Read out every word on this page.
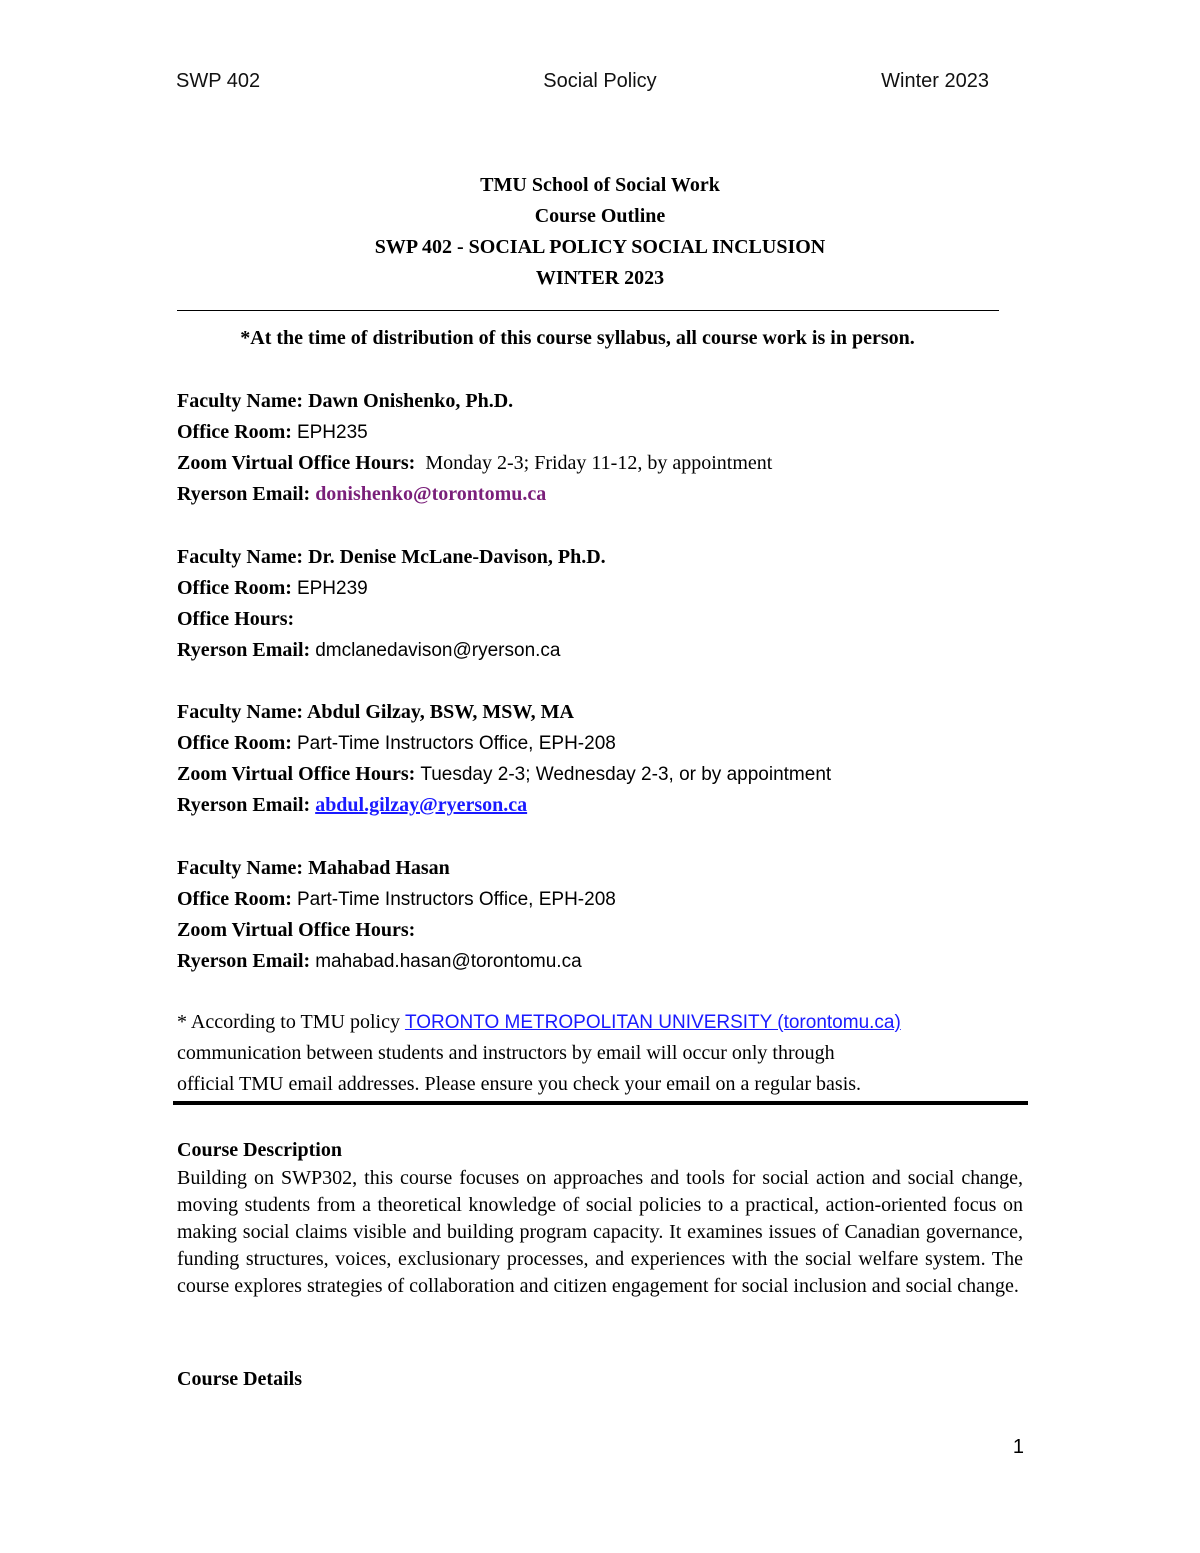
SWP 402	Social Policy	Winter 2023
TMU School of Social Work
Course Outline
SWP 402 - SOCIAL POLICY SOCIAL INCLUSION
WINTER 2023
*At the time of distribution of this course syllabus, all course work is in person.
Faculty Name: Dawn Onishenko, Ph.D.
Office Room: EPH235
Zoom Virtual Office Hours: Monday 2-3; Friday 11-12, by appointment
Ryerson Email: donishenko@torontomu.ca
Faculty Name: Dr. Denise McLane-Davison, Ph.D.
Office Room: EPH239
Office Hours:
Ryerson Email: dmclanedavison@ryerson.ca
Faculty Name: Abdul Gilzay, BSW, MSW, MA
Office Room: Part-Time Instructors Office, EPH-208
Zoom Virtual Office Hours: Tuesday 2-3; Wednesday 2-3, or by appointment
Ryerson Email: abdul.gilzay@ryerson.ca
Faculty Name: Mahabad Hasan
Office Room: Part-Time Instructors Office, EPH-208
Zoom Virtual Office Hours:
Ryerson Email: mahabad.hasan@torontomu.ca
* According to TMU policy TORONTO METROPOLITAN UNIVERSITY (torontomu.ca)
communication between students and instructors by email will occur only through
official TMU email addresses. Please ensure you check your email on a regular basis.
Course Description
Building on SWP302, this course focuses on approaches and tools for social action and social change, moving students from a theoretical knowledge of social policies to a practical, action-oriented focus on making social claims visible and building program capacity. It examines issues of Canadian governance, funding structures, voices, exclusionary processes, and experiences with the social welfare system. The course explores strategies of collaboration and citizen engagement for social inclusion and social change.
Course Details
1
